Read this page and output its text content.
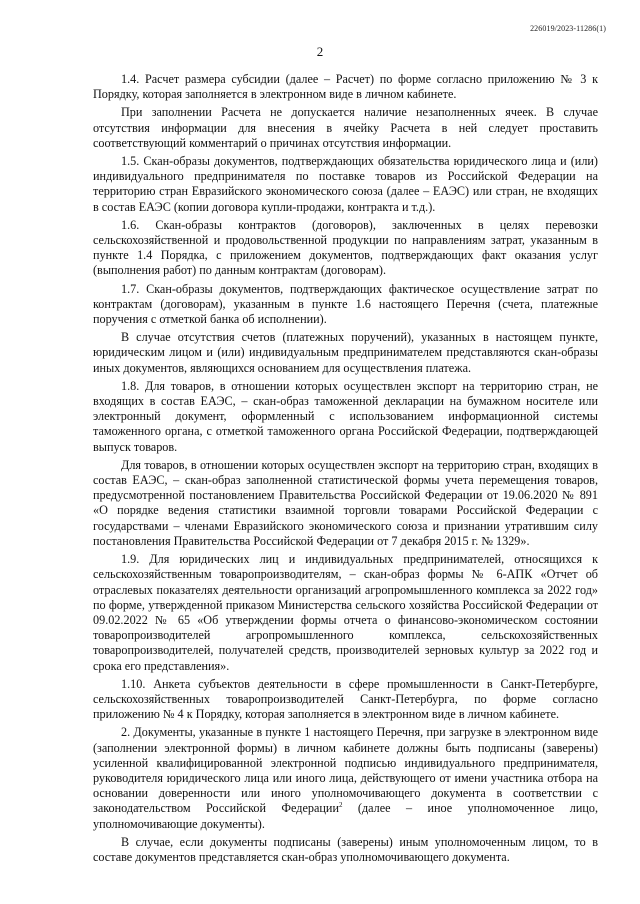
226019/2023-11286(1)
2

1.4. Расчет размера субсидии (далее – Расчет) по форме согласно приложению № 3 к Порядку, которая заполняется в электронном виде в личном кабинете.

При заполнении Расчета не допускается наличие незаполненных ячеек. В случае отсутствия информации для внесения в ячейку Расчета в ней следует проставить соответствующий комментарий о причинах отсутствия информации.

1.5. Скан-образы документов, подтверждающих обязательства юридического лица и (или) индивидуального предпринимателя по поставке товаров из Российской Федерации на территорию стран Евразийского экономического союза (далее – ЕАЭС) или стран, не входящих в состав ЕАЭС (копии договора купли-продажи, контракта и т.д.).

1.6. Скан-образы контрактов (договоров), заключенных в целях перевозки сельскохозяйственной и продовольственной продукции по направлениям затрат, указанным в пункте 1.4 Порядка, с приложением документов, подтверждающих факт оказания услуг (выполнения работ) по данным контрактам (договорам).

1.7. Скан-образы документов, подтверждающих фактическое осуществление затрат по контрактам (договорам), указанным в пункте 1.6 настоящего Перечня (счета, платежные поручения с отметкой банка об исполнении).

В случае отсутствия счетов (платежных поручений), указанных в настоящем пункте, юридическим лицом и (или) индивидуальным предпринимателем представляются скан-образы иных документов, являющихся основанием для осуществления платежа.

1.8. Для товаров, в отношении которых осуществлен экспорт на территорию стран, не входящих в состав ЕАЭС, – скан-образ таможенной декларации на бумажном носителе или электронный документ, оформленный с использованием информационной системы таможенного органа, с отметкой таможенного органа Российской Федерации, подтверждающей выпуск товаров.

Для товаров, в отношении которых осуществлен экспорт на территорию стран, входящих в состав ЕАЭС, – скан-образ заполненной статистической формы учета перемещения товаров, предусмотренной постановлением Правительства Российской Федерации от 19.06.2020 № 891 «О порядке ведения статистики взаимной торговли товарами Российской Федерации с государствами – членами Евразийского экономического союза и признании утратившим силу постановления Правительства Российской Федерации от 7 декабря 2015 г. № 1329».

1.9. Для юридических лиц и индивидуальных предпринимателей, относящихся к сельскохозяйственным товаропроизводителям, – скан-образ формы № 6-АПК «Отчет об отраслевых показателях деятельности организаций агропромышленного комплекса за 2022 год» по форме, утвержденной приказом Министерства сельского хозяйства Российской Федерации от 09.02.2022 № 65 «Об утверждении формы отчета о финансово-экономическом состоянии товаропроизводителей агропромышленного комплекса, сельскохозяйственных товаропроизводителей, получателей средств, производителей зерновых культур за 2022 год и срока его представления».

1.10. Анкета субъектов деятельности в сфере промышленности в Санкт-Петербурге, сельскохозяйственных товаропроизводителей Санкт-Петербурга, по форме согласно приложению № 4 к Порядку, которая заполняется в электронном виде в личном кабинете.

2. Документы, указанные в пункте 1 настоящего Перечня, при загрузке в электронном виде (заполнении электронной формы) в личном кабинете должны быть подписаны (заверены) усиленной квалифицированной электронной подписью индивидуального предпринимателя, руководителя юридического лица или иного лица, действующего от имени участника отбора на основании доверенности или иного уполномочивающего документа в соответствии с законодательством Российской Федерации$^2$ (далее – иное уполномоченное лицо, уполномочивающие документы).

В случае, если документы подписаны (заверены) иным уполномоченным лицом, то в составе документов представляется скан-образ уполномочивающего документа.
